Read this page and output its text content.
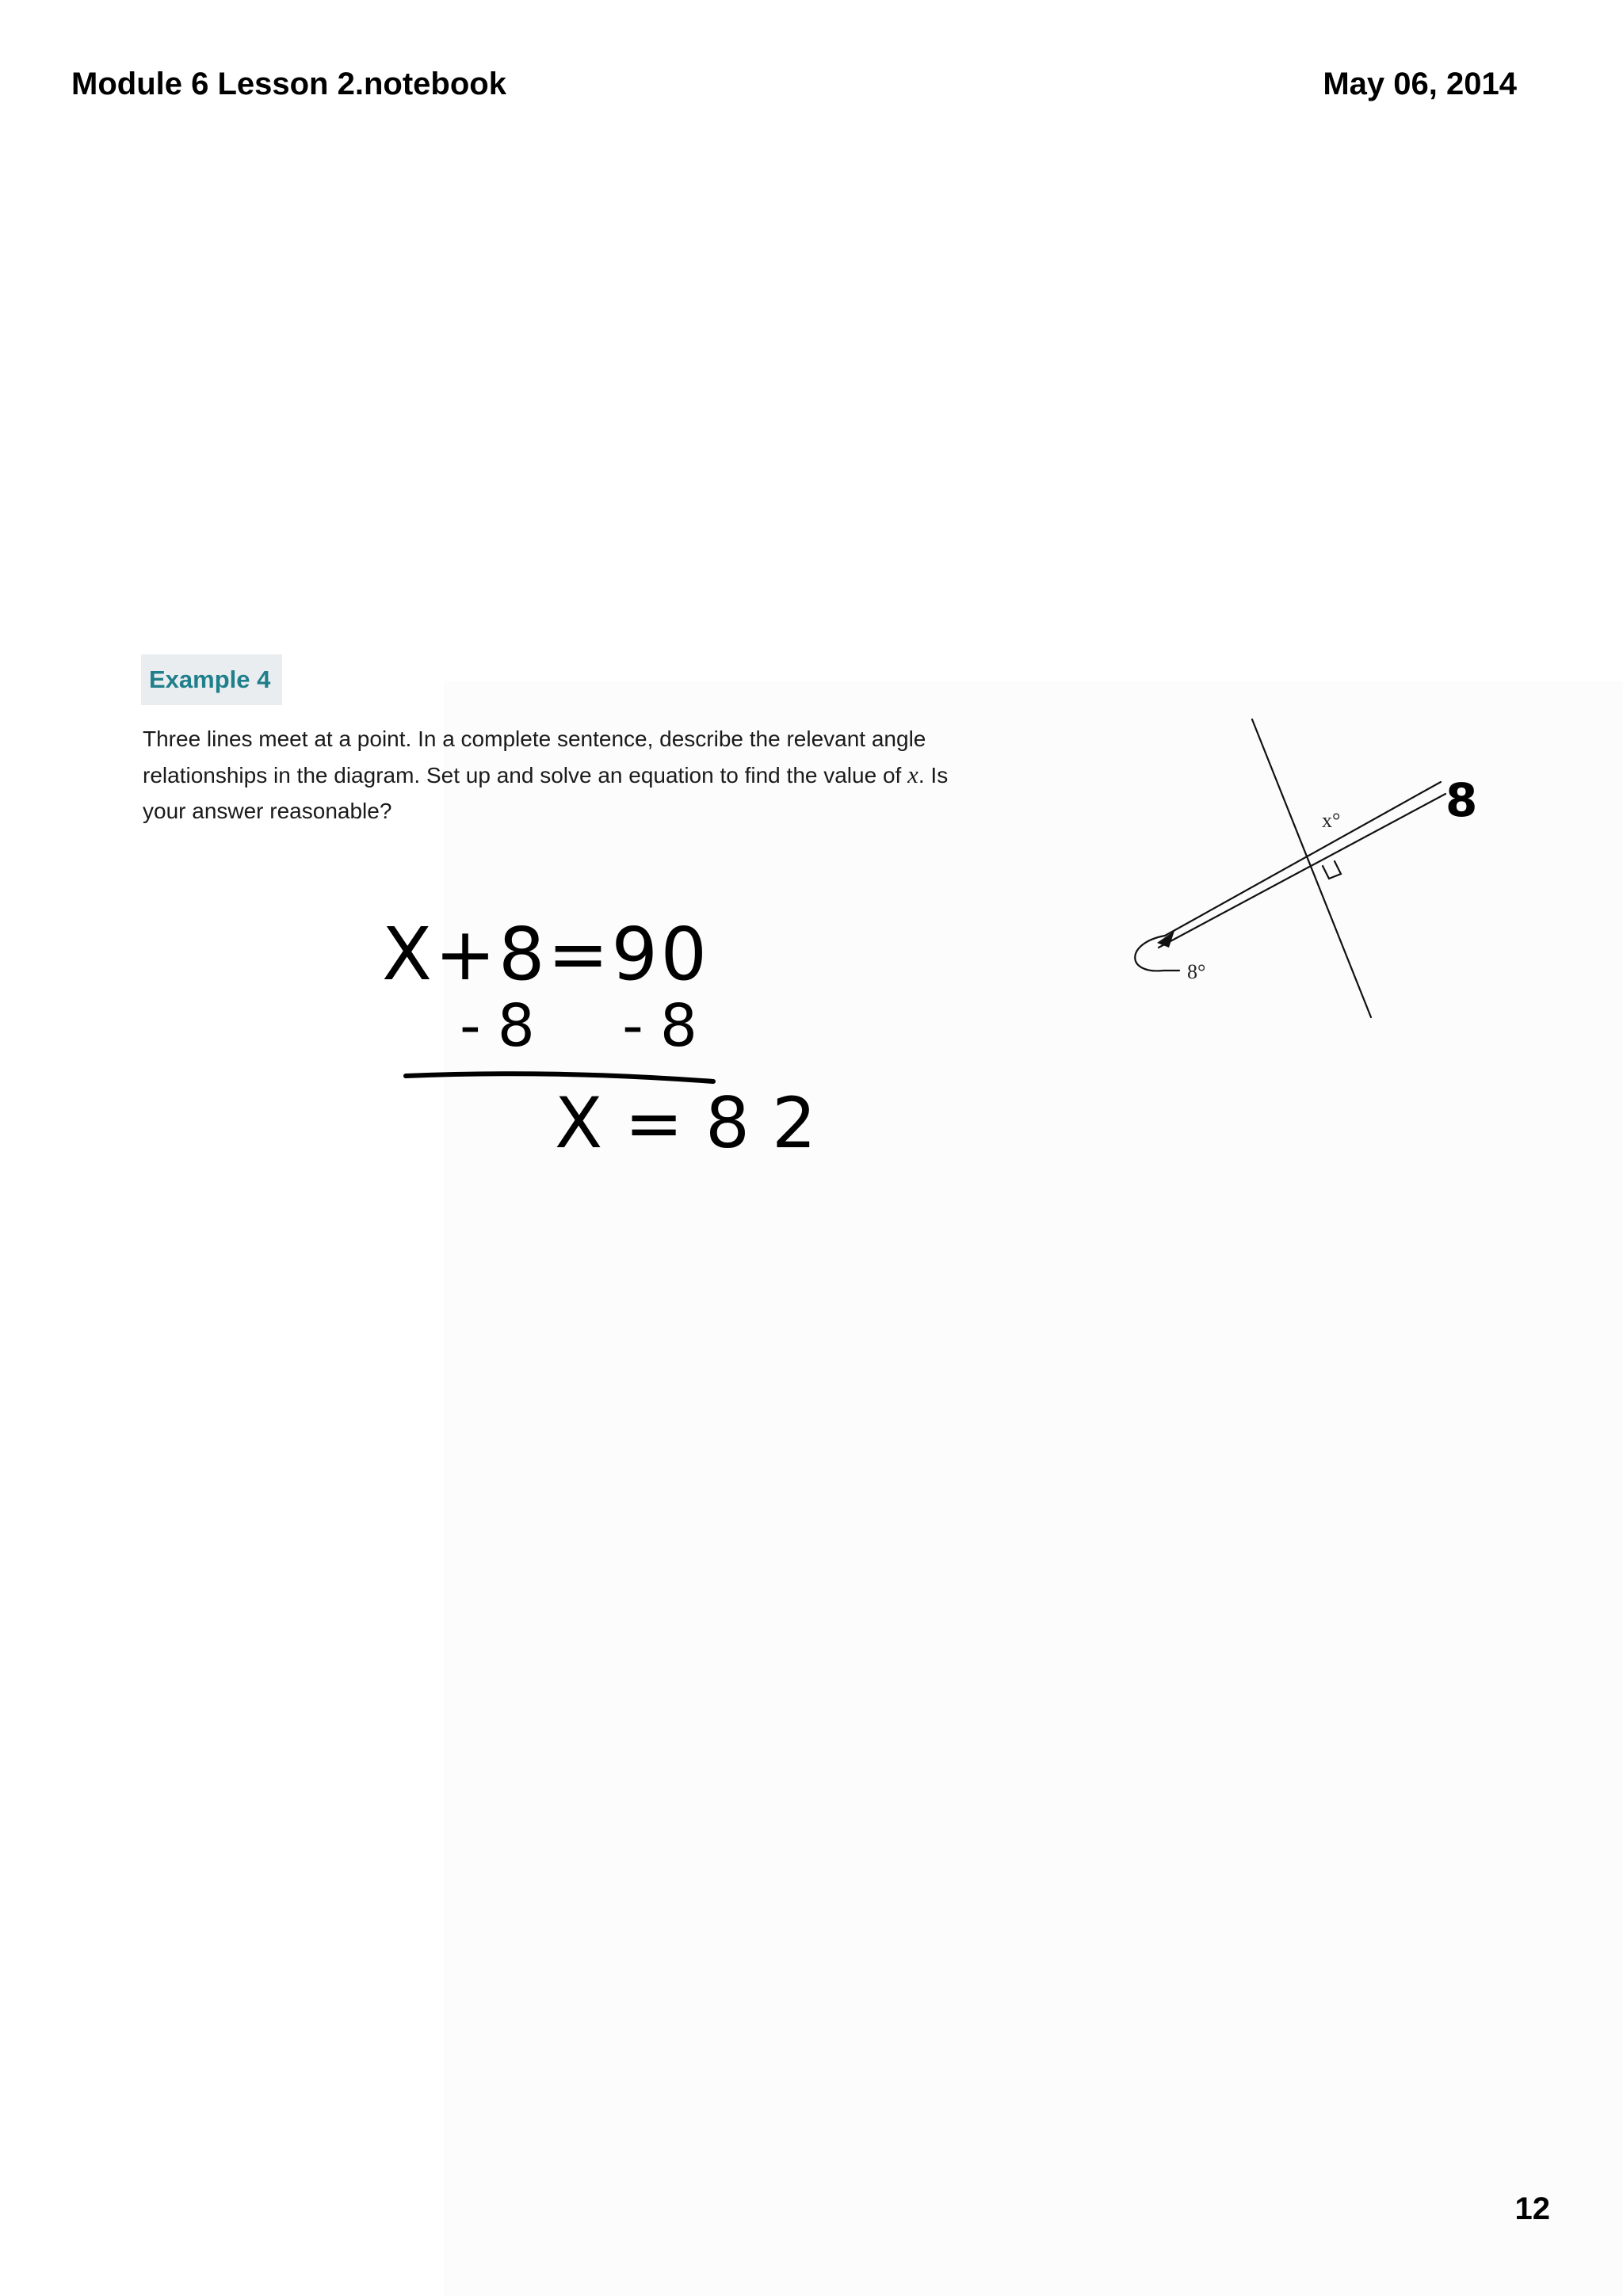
Module 6 Lesson 2.notebook	May 06, 2014
Example 4
Three lines meet at a point. In a complete sentence, describe the relevant angle
relationships in the diagram. Set up and solve an equation to find the value of x. Is
your answer reasonable?	x°
8°
8
X+8=90
-8  -8
X=82
12
